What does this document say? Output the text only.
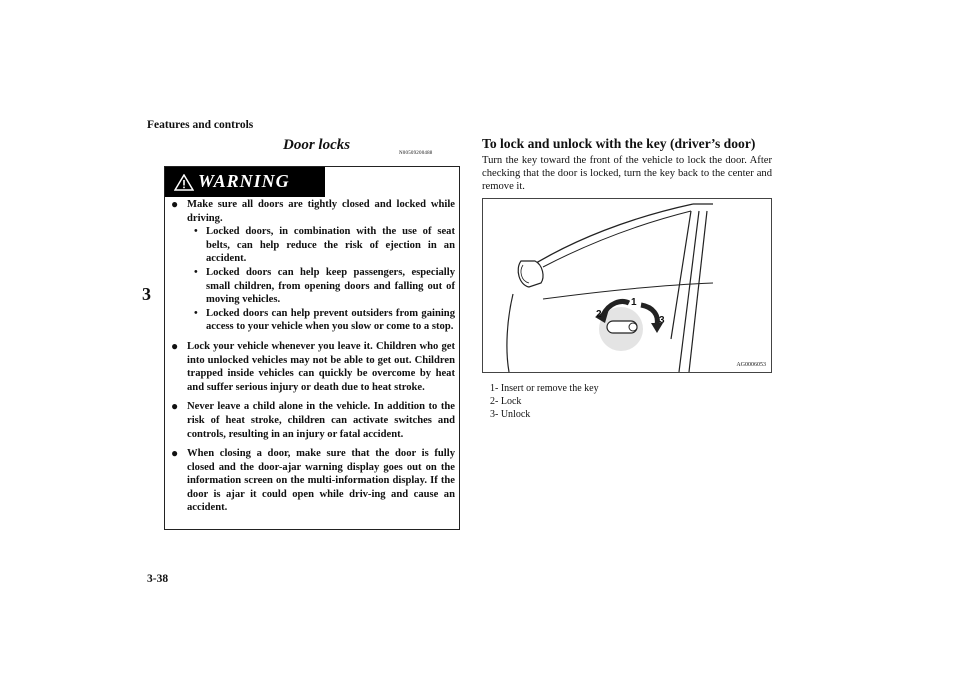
Features and controls
3
3-38
Door locks
N00509200488
WARNING
● Make sure all doors are tightly closed and locked while driving.
• Locked doors, in combination with the use of seat belts, can help reduce the risk of ejection in an accident.
• Locked doors can help keep passengers, especially small children, from opening doors and falling out of moving vehicles.
• Locked doors can help prevent outsiders from gaining access to your vehicle when you slow or come to a stop.
● Lock your vehicle whenever you leave it. Children who get into unlocked vehicles may not be able to get out. Children trapped inside vehicles can quickly be overcome by heat and suffer serious injury or death due to heat stroke.
● Never leave a child alone in the vehicle. In addition to the risk of heat stroke, children can activate switches and controls, resulting in an injury or fatal accident.
● When closing a door, make sure that the door is fully closed and the door-ajar warning display goes out on the information screen on the multi-information display. If the door is ajar it could open while driv-ing and cause an accident.
To lock and unlock with the key (driver’s door)
Turn the key toward the front of the vehicle to lock the door. After checking that the door is locked, turn the key back to the center and remove it.
1
2
3
AG0006053
1- Insert or remove the key
2- Lock
3- Unlock
